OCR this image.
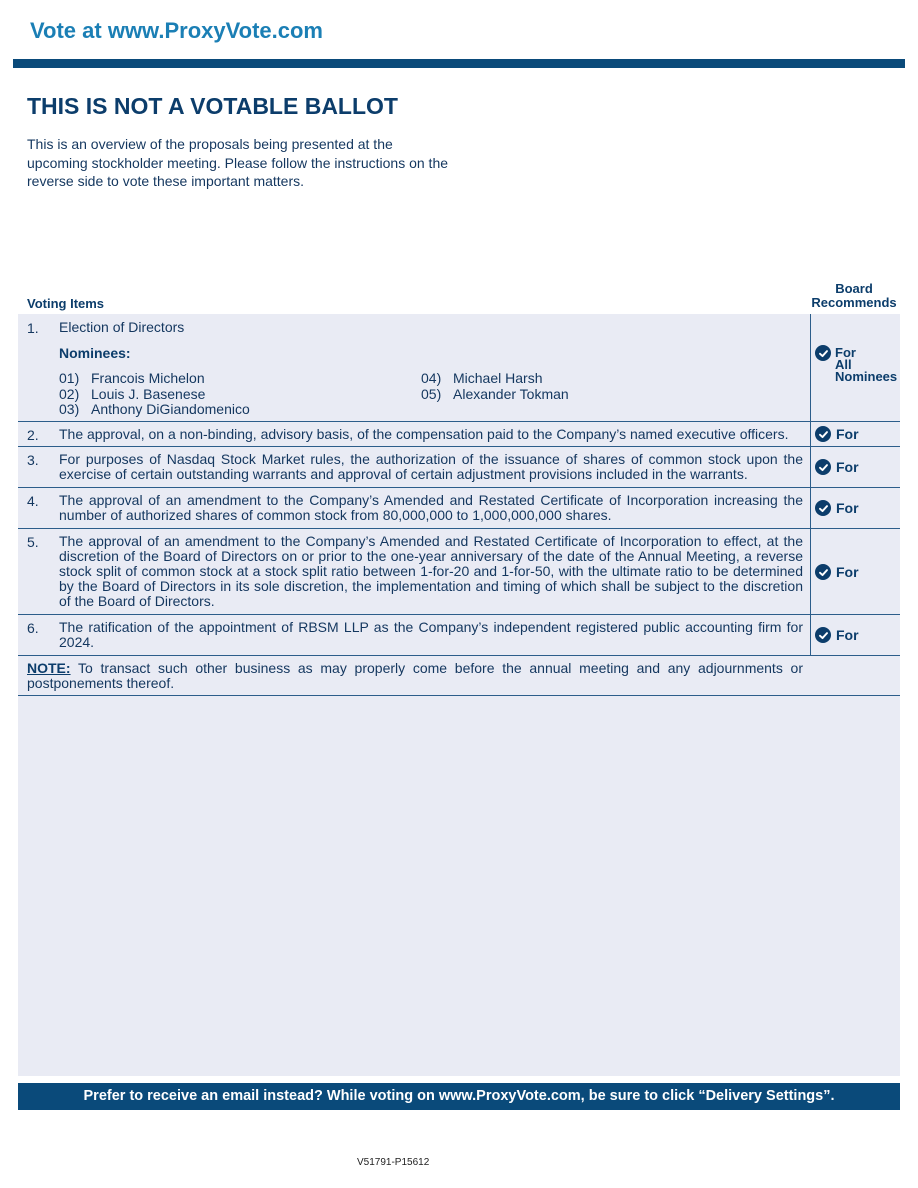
Vote at www.ProxyVote.com
THIS IS NOT A VOTABLE BALLOT

This is an overview of the proposals being presented at the upcoming stockholder meeting. Please follow the instructions on the reverse side to vote these important matters.

Voting Items
Board
Recommends
1. Election of Directors
Nominees:
01) Francois Michelon
02) Louis J. Basenese
03) Anthony DiGiandomenico
04) Michael Harsh
05) Alexander Tokman
For
All
Nominees
2. The approval, on a non-binding, advisory basis, of the compensation paid to the Company’s named executive officers.	For
3. For purposes of Nasdaq Stock Market rules, the authorization of the issuance of shares of common stock upon the exercise of certain outstanding warrants and approval of certain adjustment provisions included in the warrants.	For
4. The approval of an amendment to the Company’s Amended and Restated Certificate of Incorporation increasing the number of authorized shares of common stock from 80,000,000 to 1,000,000,000 shares.	For
5. The approval of an amendment to the Company’s Amended and Restated Certificate of Incorporation to effect, at the discretion of the Board of Directors on or prior to the one-year anniversary of the date of the Annual Meeting, a reverse stock split of common stock at a stock split ratio between 1-for-20 and 1-for-50, with the ultimate ratio to be determined by the Board of Directors in its sole discretion, the implementation and timing of which shall be subject to the discretion of the Board of Directors.
For
6. The ratification of the appointment of RBSM LLP as the Company’s independent registered public accounting firm for 2024.	For

NOTE: To transact such other business as may properly come before the annual meeting and any adjournments or postponements thereof.

Prefer to receive an email instead? While voting on www.ProxyVote.com, be sure to click “Delivery Settings”.
V51791-P15612
